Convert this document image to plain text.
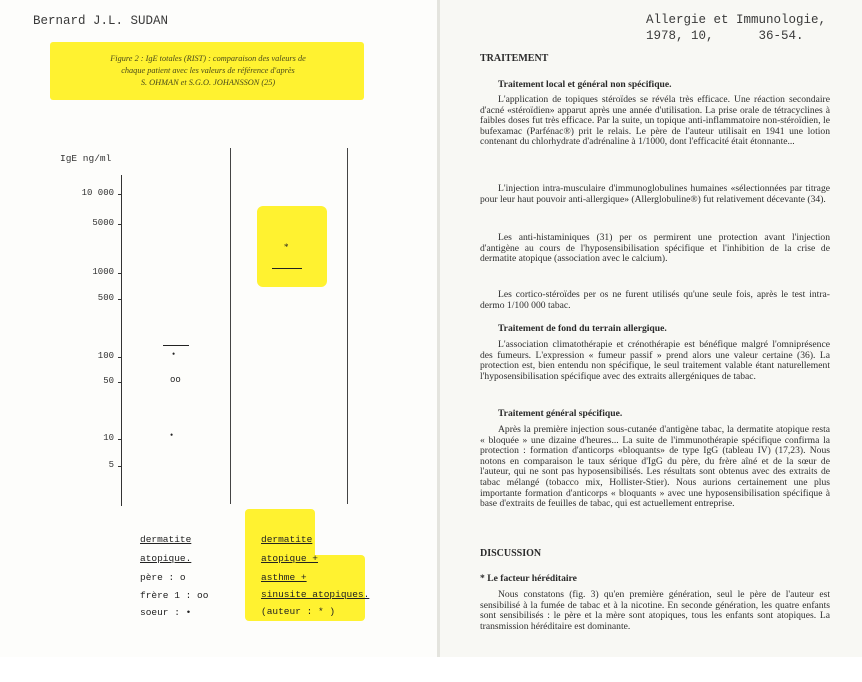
Bernard J.L. SUDAN
Figure 2 : IgE totales (RIST) : comparaison des valeurs de
chaque patient avec les valeurs de référence d'après
S. OHMAN et S.G.O. JOHANSSON (25)
IgE ng/ml
10 000
5000
1000
500
100
50
10
5
•
oo
•
*
dermatite
atopique.
père : o
frère 1 : oo
soeur : •
dermatite
atopique +
asthme +
sinusite atopiques.
(auteur : * )
Allergie et Immunologie,
1978, 10,      36-54.
TRAITEMENT
Traitement local et général non spécifique.
L'application de topiques stéroïdes se révéla très efficace. Une réaction secondaire d'acné «stéroïdien» apparut après une année d'utilisation. La prise orale de tétracyclines à faibles doses fut très efficace. Par la suite, un topique anti-inflammatoire non-stéroïdien, le bufexamac (Parfénac®) prit le relais. Le père de l'auteur utilisait en 1941 une lotion contenant du chlorhydrate d'adrénaline à 1/1000, dont l'efficacité était étonnante...
L'injection intra-musculaire d'immunoglobulines humaines «sélectionnées par titrage pour leur haut pouvoir anti-allergique» (Allerglobuline®) fut relativement décevante (34).
Les anti-histaminiques (31) per os permirent une protection avant l'injection d'antigène au cours de l'hyposensibilisation spécifique et l'inhibition de la crise de dermatite atopique (association avec le calcium).
Les cortico-stéroïdes per os ne furent utilisés qu'une seule fois, après le test intra-dermo 1/100 000 tabac.
Traitement de fond du terrain allergique.
L'association climatothérapie et crénothérapie est bénéfique malgré l'omniprésence des fumeurs. L'expression « fumeur passif » prend alors une valeur certaine (36). La protection est, bien entendu non spécifique, le seul traitement valable étant naturellement l'hyposensibilisation spécifique avec des extraits allergéniques de tabac.
Traitement général spécifique.
Après la première injection sous-cutanée d'antigène tabac, la dermatite atopique resta « bloquée » une dizaine d'heures... La suite de l'immunothérapie spécifique confirma la protection : formation d'anticorps «bloquants» de type IgG (tableau IV) (17,23). Nous notons en comparaison le taux sérique d'IgG du père, du frère aîné et de la sœur de l'auteur, qui ne sont pas hyposensibilisés. Les résultats sont obtenus avec des extraits de tabac mélangé (tobacco mix, Hollister-Stier). Nous aurions certainement une plus importante formation d'anticorps « bloquants » avec une hyposensibilisation spécifique à base d'extraits de feuilles de tabac, qui est actuellement entreprise.
DISCUSSION
* Le facteur héréditaire
Nous constatons (fig. 3) qu'en première génération, seul le père de l'auteur est sensibilisé à la fumée de tabac et à la nicotine. En seconde génération, les quatre enfants sont sensibilisés : le père et la mère sont atopiques, tous les enfants sont atopiques. La transmission héréditaire est dominante.
